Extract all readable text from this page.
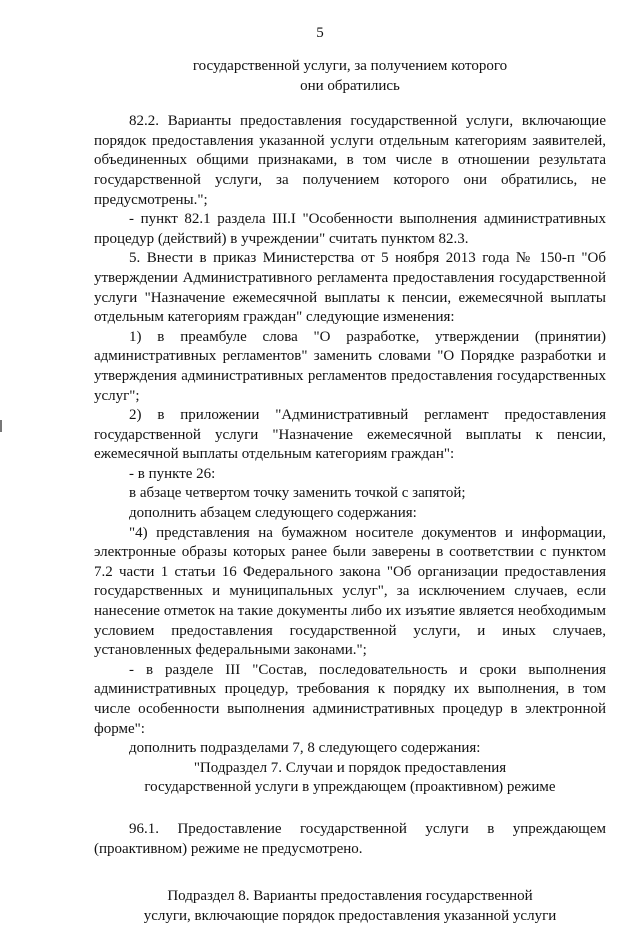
5

государственной услуги, за получением которого

они обратились

82.2. Варианты предоставления государственной услуги, включающие порядок предоставления указанной услуги отдельным категориям заявителей, объединенных общими признаками, в том числе в отношении результата государственной услуги, за получением которого они обратились, не предусмотрены.";

- пункт 82.1 раздела III.I "Особенности выполнения административных процедур (действий) в учреждении" считать пунктом 82.3.

5. Внести в приказ Министерства от 5 ноября 2013 года № 150-п "Об утверждении Административного регламента предоставления государственной услуги "Назначение ежемесячной выплаты к пенсии, ежемесячной выплаты отдельным категориям граждан" следующие изменения:

1) в преамбуле слова "О разработке, утверждении (принятии) административных регламентов" заменить словами "О Порядке разработки и утверждения административных регламентов предоставления государственных услуг";

2) в приложении "Административный регламент предоставления государственной услуги "Назначение ежемесячной выплаты к пенсии, ежемесячной выплаты отдельным категориям граждан":

- в пункте 26:

в абзаце четвертом точку заменить точкой с запятой;

дополнить абзацем следующего содержания:

"4) представления на бумажном носителе документов и информации, электронные образы которых ранее были заверены в соответствии с пунктом 7.2 части 1 статьи 16 Федерального закона "Об организации предоставления государственных и муниципальных услуг", за исключением случаев, если нанесение отметок на такие документы либо их изъятие является необходимым условием предоставления государственной услуги, и иных случаев, установленных федеральными законами.";

- в разделе III "Состав, последовательность и сроки выполнения административных процедур, требования к порядку их выполнения, в том числе особенности выполнения административных процедур в электронной форме":

дополнить подразделами 7, 8 следующего содержания:

"Подраздел 7. Случаи и порядок предоставления

государственной услуги в упреждающем (проактивном) режиме

96.1. Предоставление государственной услуги в упреждающем (проактивном) режиме не предусмотрено.

Подраздел 8. Варианты предоставления государственной

услуги, включающие порядок предоставления указанной услуги
